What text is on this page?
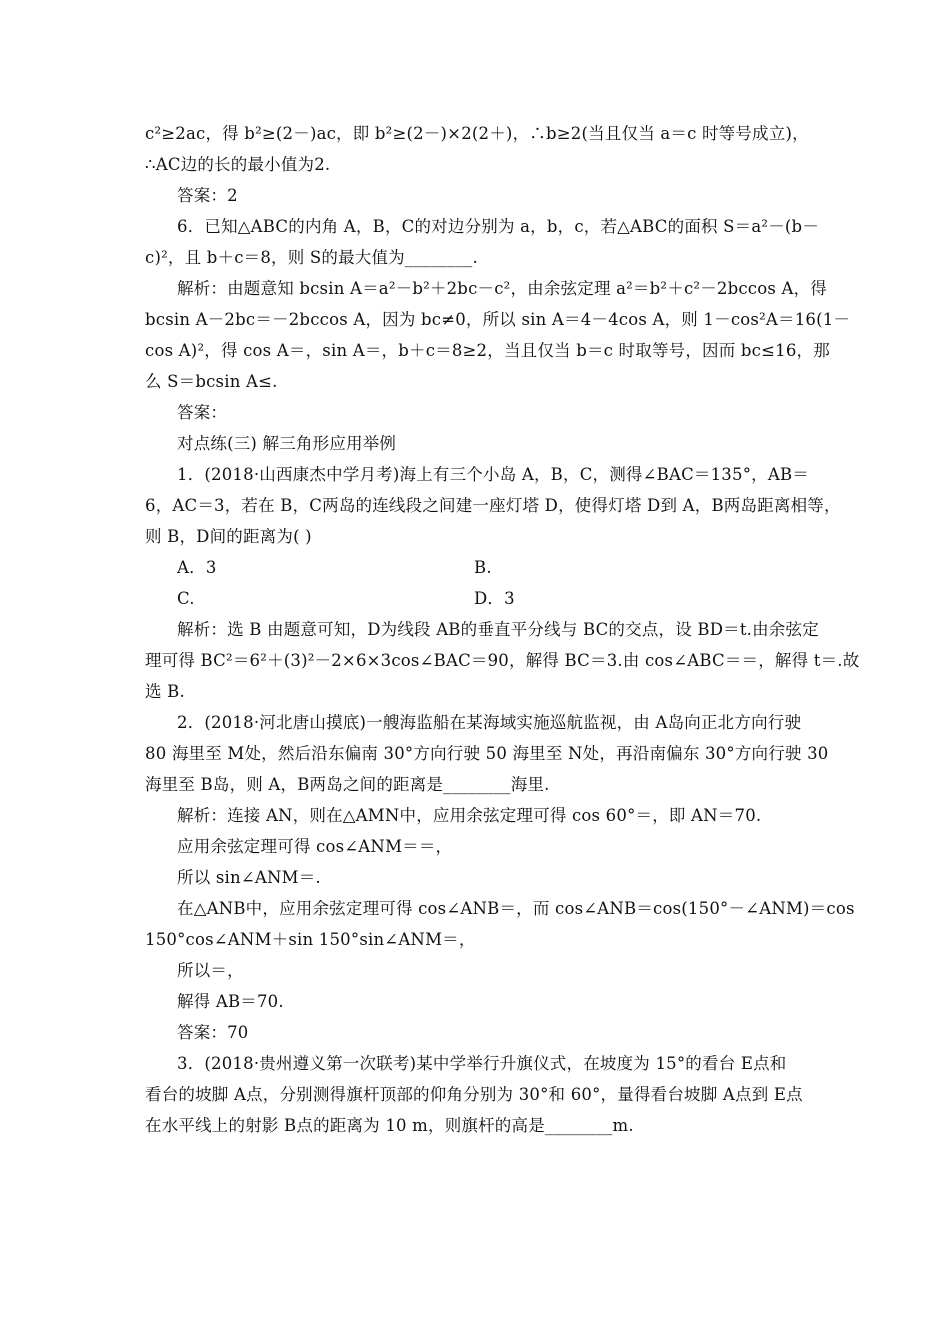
c²≥2ac，得 b²≥(2－)ac，即 b²≥(2－)×2(2＋)，∴b≥2(当且仅当 a＝c 时等号成立)，
∴AC边的长的最小值为2.
答案：2
6．已知△ABC的内角 A，B，C的对边分别为 a，b，c，若△ABC的面积 S＝a²－(b－
c)²，且 b＋c＝8，则 S的最大值为________.
解析：由题意知 bcsin A＝a²－b²＋2bc－c²，由余弦定理 a²＝b²＋c²－2bccos A，得
bcsin A－2bc＝－2bccos A，因为 bc≠0，所以 sin A＝4－4cos A，则 1－cos²A＝16(1－
cos A)²，得 cos A＝，sin A＝，b＋c＝8≥2，当且仅当 b＝c 时取等号，因而 bc≤16，那
么 S＝bcsin A≤.
答案：
对点练(三) 解三角形应用举例
1．(2018·山西康杰中学月考)海上有三个小岛 A，B，C，测得∠BAC＝135°，AB＝
6，AC＝3，若在 B，C两岛的连线段之间建一座灯塔 D，使得灯塔 D到 A，B两岛距离相等，
则 B，D间的距离为( )
A．3	B.
C.	D．3
解析：选 B 由题意可知，D为线段 AB的垂直平分线与 BC的交点，设 BD＝t.由余弦定
理可得 BC²＝6²＋(3)²－2×6×3cos∠BAC＝90，解得 BC＝3.由 cos∠ABC＝＝，解得 t＝.故
选 B.
2．(2018·河北唐山摸底)一艘海监船在某海域实施巡航监视，由 A岛向正北方向行驶
80 海里至 M处，然后沿东偏南 30°方向行驶 50 海里至 N处，再沿南偏东 30°方向行驶 30
海里至 B岛，则 A，B两岛之间的距离是________海里.
解析：连接 AN，则在△AMN中，应用余弦定理可得 cos 60°＝，即 AN＝70.
应用余弦定理可得 cos∠ANM＝＝，
所以 sin∠ANM＝.
在△ANB中，应用余弦定理可得 cos∠ANB＝，而 cos∠ANB＝cos(150°－∠ANM)＝cos
150°cos∠ANM＋sin 150°sin∠ANM＝，
所以＝，
解得 AB＝70.
答案：70
3．(2018·贵州遵义第一次联考)某中学举行升旗仪式，在坡度为 15°的看台 E点和
看台的坡脚 A点，分别测得旗杆顶部的仰角分别为 30°和 60°，量得看台坡脚 A点到 E点
在水平线上的射影 B点的距离为 10 m，则旗杆的高是________m.
